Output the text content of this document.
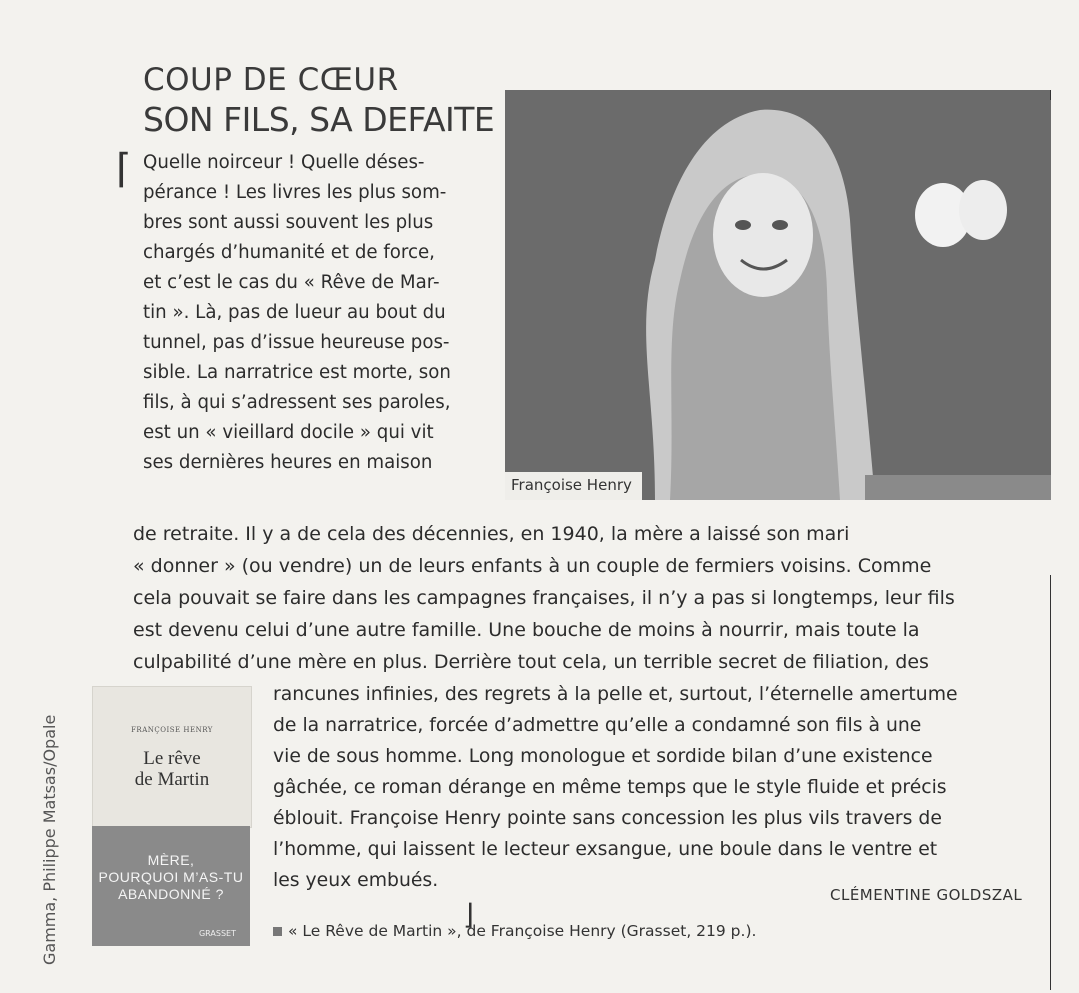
COUP DE CŒUR
SON FILS, SA DEFAITE
⌈ Quelle noirceur ! Quelle déses-
pérance ! Les livres les plus som-
bres sont aussi souvent les plus
chargés d’humanité et de force,
et c’est le cas du « Rêve de Mar-
tin ». Là, pas de lueur au bout du
tunnel, pas d’issue heureuse pos-
sible. La narratrice est morte, son
fils, à qui s’adressent ses paroles,
est un « vieillard docile » qui vit
ses dernières heures en maison
Françoise Henry
de retraite. Il y a de cela des décennies, en 1940, la mère a laissé son mari
« donner » (ou vendre) un de leurs enfants à un couple de fermiers voisins. Comme
cela pouvait se faire dans les campagnes françaises, il n’y a pas si longtemps, leur fils
est devenu celui d’une autre famille. Une bouche de moins à nourrir, mais toute la
culpabilité d’une mère en plus. Derrière tout cela, un terrible secret de filiation, des
Gamma, Philippe Matsas/Opale	FRANÇOISE HENRY
Le rêve
de Martin
MÈRE,
POURQUOI M’AS-TU
ABANDONNÉ ?
GRASSET
rancunes infinies, des regrets à la pelle et, surtout, l’éternelle amertume
de la narratrice, forcée d’admettre qu’elle a condamné son fils à une
vie de sous homme. Long monologue et sordide bilan d’une existence
gâchée, ce roman dérange en même temps que le style fluide et précis
éblouit. Françoise Henry pointe sans concession les plus vils travers de
l’homme, qui laissent le lecteur exsangue, une boule dans le ventre et
les yeux embués.
⌋
CLÉMENTINE GOLDSZAL
« Le Rêve de Martin », de Françoise Henry (Grasset, 219 p.).
